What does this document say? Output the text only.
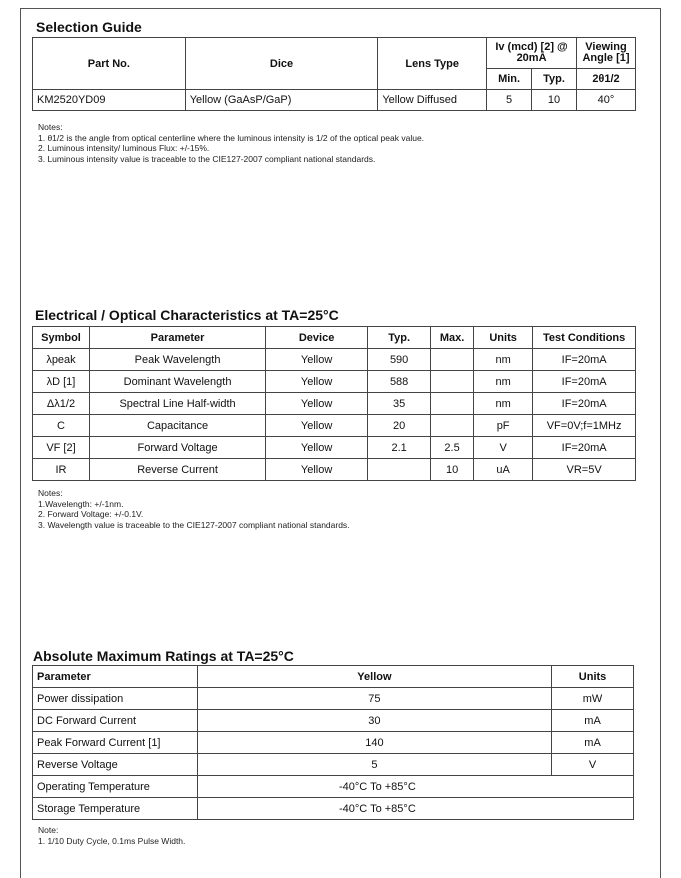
Selection Guide
Part No.	Dice	Lens Type	Iv (mcd) [2] @ 20mA		Viewing Angle [1]
			Min.	Typ.	2θ1/2
KM2520YD09	Yellow (GaAsP/GaP)	Yellow Diffused	5	10	40°
Notes:
1. θ1/2 is the angle from optical centerline where the luminous intensity is 1/2 of the optical peak value.
2. Luminous intensity/ luminous Flux: +/-15%.
3. Luminous intensity value is traceable to the CIE127-2007 compliant national standards.
Electrical / Optical Characteristics at TA=25°C
Symbol	Parameter	Device	Typ.	Max.	Units	Test Conditions
λpeak	Peak Wavelength	Yellow	590		nm	IF=20mA
λD [1]	Dominant Wavelength	Yellow	588		nm	IF=20mA
Δλ1/2	Spectral Line Half-width	Yellow	35		nm	IF=20mA
C	Capacitance	Yellow	20		pF	VF=0V;f=1MHz
VF [2]	Forward Voltage	Yellow	2.1	2.5	V	IF=20mA
IR	Reverse Current	Yellow		10	uA	VR=5V
Notes:
1.Wavelength: +/-1nm.
2. Forward Voltage: +/-0.1V.
3. Wavelength value is traceable to the CIE127-2007 compliant national standards.
Absolute Maximum Ratings at TA=25°C
Parameter	Yellow	Units
Power dissipation	75	mW
DC Forward Current	30	mA
Peak Forward Current [1]	140	mA
Reverse Voltage	5	V
Operating Temperature	-40°C To +85°C	
Storage Temperature	-40°C To +85°C	
Note:
1. 1/10 Duty Cycle, 0.1ms Pulse Width.
